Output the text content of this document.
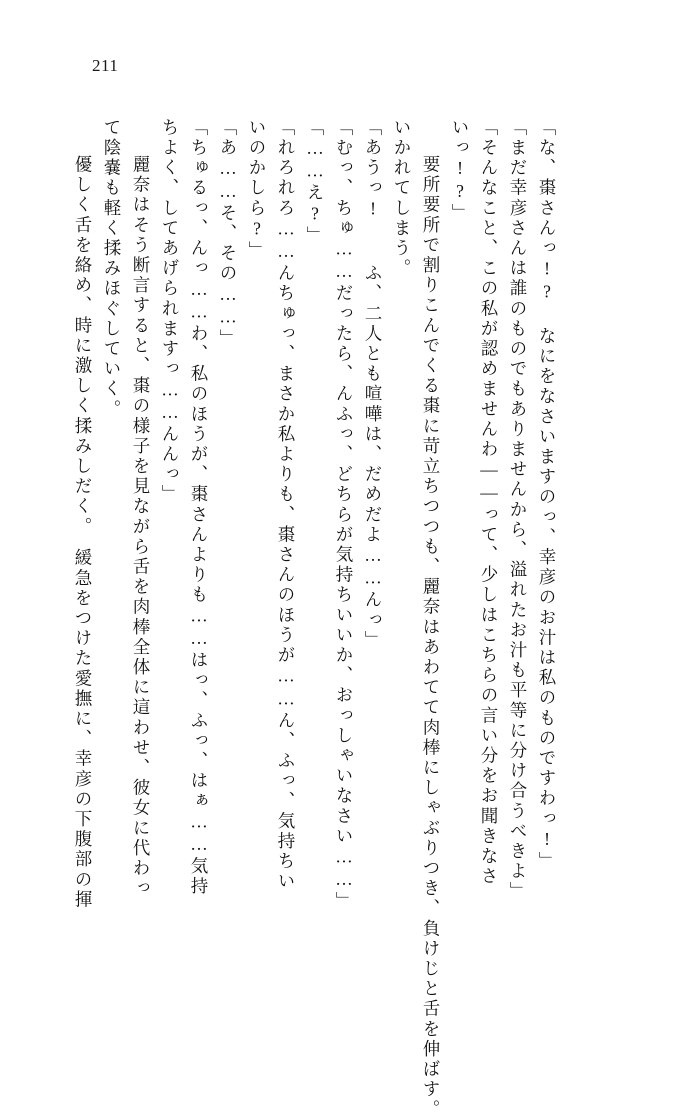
211
　優しく舌を絡め、時に激しく揉みしだく。　緩急をつけた愛撫に、幸彦の下腹部の揮 て陰嚢も軽く揉みほぐしていく。 　麗奈はそう断言すると、棗の様子を見ながら舌を肉棒全体に這わせ、彼女に代わっ ちよく、してあげられますっ……んんっ」 「ちゅるっ、んっ……わ、私のほうが、棗さんよりも……はっ、ふっ、はぁ……気持 「あ……そ、その……」 いのかしら?」 「れろれろ……んちゅっ、まさか私よりも、棗さんのほうが……ん、ふっ、気持ちい 「……え?」 「むっ、ちゅ……だったら、んふっ、どちらが気持ちいいか、おっしゃいなさい……」 「あうっ! 　ふ、二人とも喧嘩は、だめだよ……んっ」 いかれてしまう。 　要所要所で割りこんでくる棗に苛立ちつつも、麗奈はあわてて肉棒にしゃぶりつき、負けじと舌を伸ばす。 いっ!?」 「そんなこと、この私が認めませんわ——って、少しはこちらの言い分をお聞きなさ 「まだ幸彦さんは誰のものでもありませんから、溢れたお汁も平等に分け合うべきよ」 「な、棗さんっ!? なにをなさいますのっ、幸彦のお汁は私のものですわっ!」
